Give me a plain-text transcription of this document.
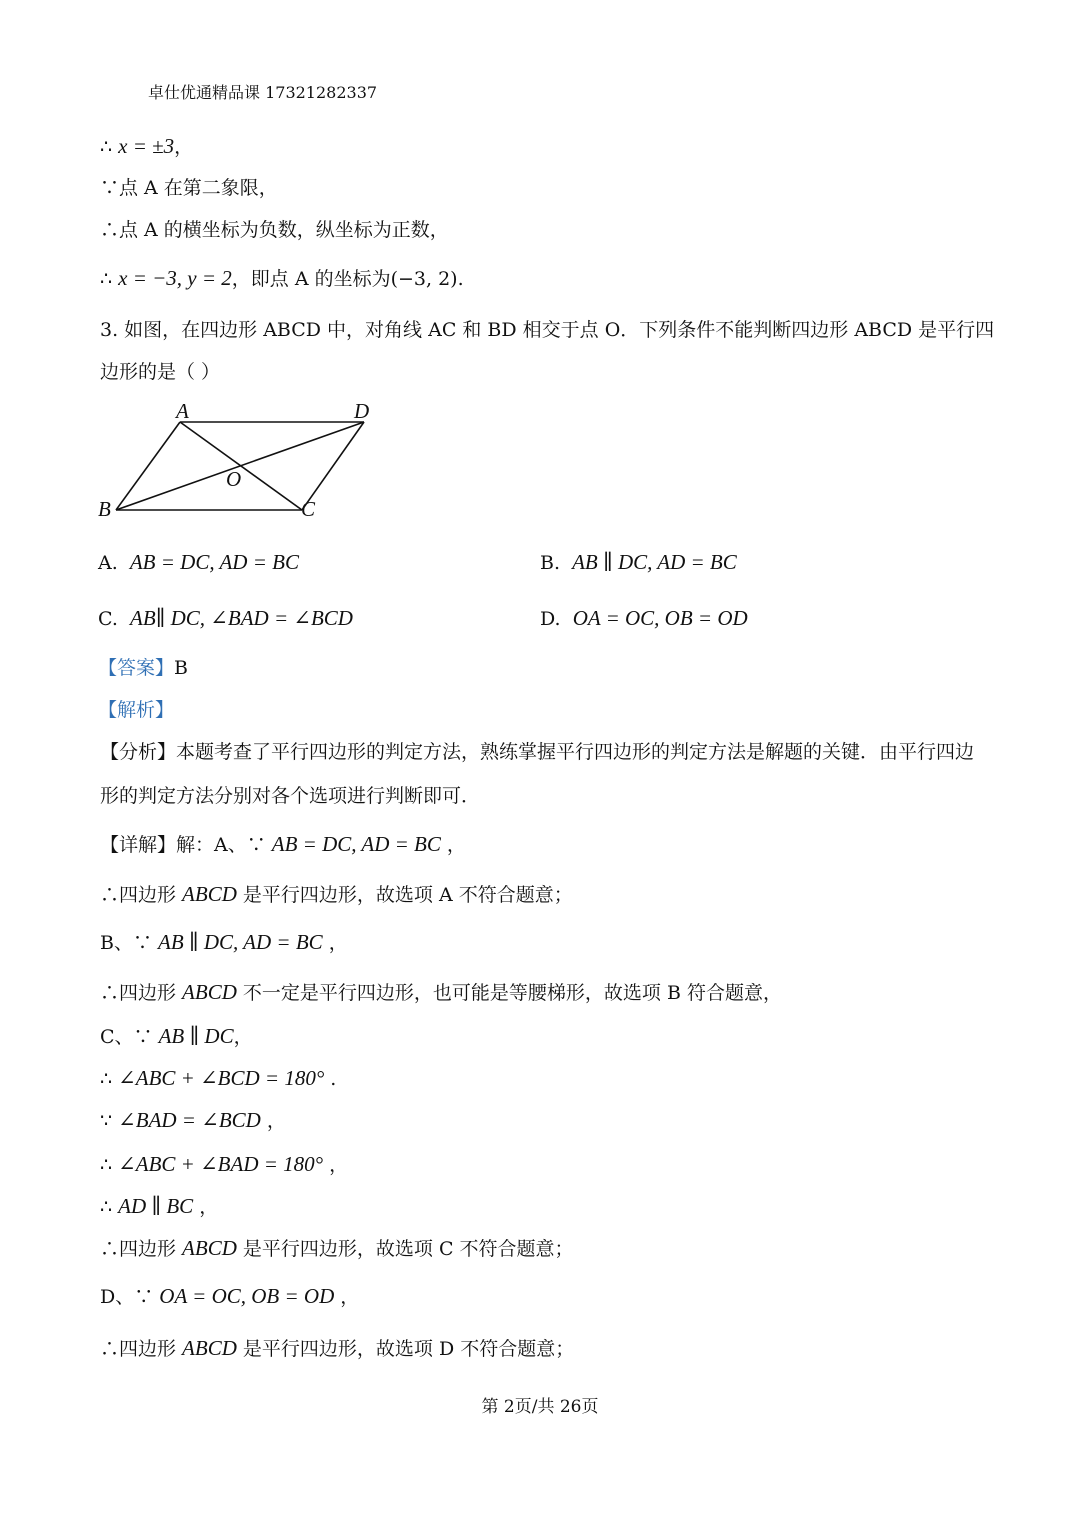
卓仕优通精品课 17321282337
∴ x = ±3，
∵点 A 在第二象限，
∴点 A 的横坐标为负数，纵坐标为正数，
∴ x = −3, y = 2，即点 A 的坐标为(−3, 2).
3. 如图，在四边形 ABCD 中，对角线 AC 和 BD 相交于点 O．下列条件不能判断四边形 ABCD 是平行四
边形的是（ ）
A	D
B	C
O
A. AB = DC, AD = BC	B. AB ∥ DC, AD = BC
C. AB∥ DC, ∠BAD = ∠BCD	D. OA = OC, OB = OD
【答案】B
【解析】
【分析】本题考查了平行四边形的判定方法，熟练掌握平行四边形的判定方法是解题的关键．由平行四边
形的判定方法分别对各个选项进行判断即可．
【详解】解：A、∵ AB = DC, AD = BC ，
∴四边形 ABCD 是平行四边形，故选项 A 不符合题意；
B、∵ AB ∥ DC, AD = BC ，
∴四边形 ABCD 不一定是平行四边形，也可能是等腰梯形，故选项 B 符合题意，
C、∵ AB ∥ DC，
∴ ∠ABC + ∠BCD = 180° .
∵ ∠BAD = ∠BCD ，
∴ ∠ABC + ∠BAD = 180° ，
∴ AD ∥ BC ，
∴四边形 ABCD 是平行四边形，故选项 C 不符合题意；
D、∵ OA = OC, OB = OD ，
∴四边形 ABCD 是平行四边形，故选项 D 不符合题意；
第 2页/共 26页
